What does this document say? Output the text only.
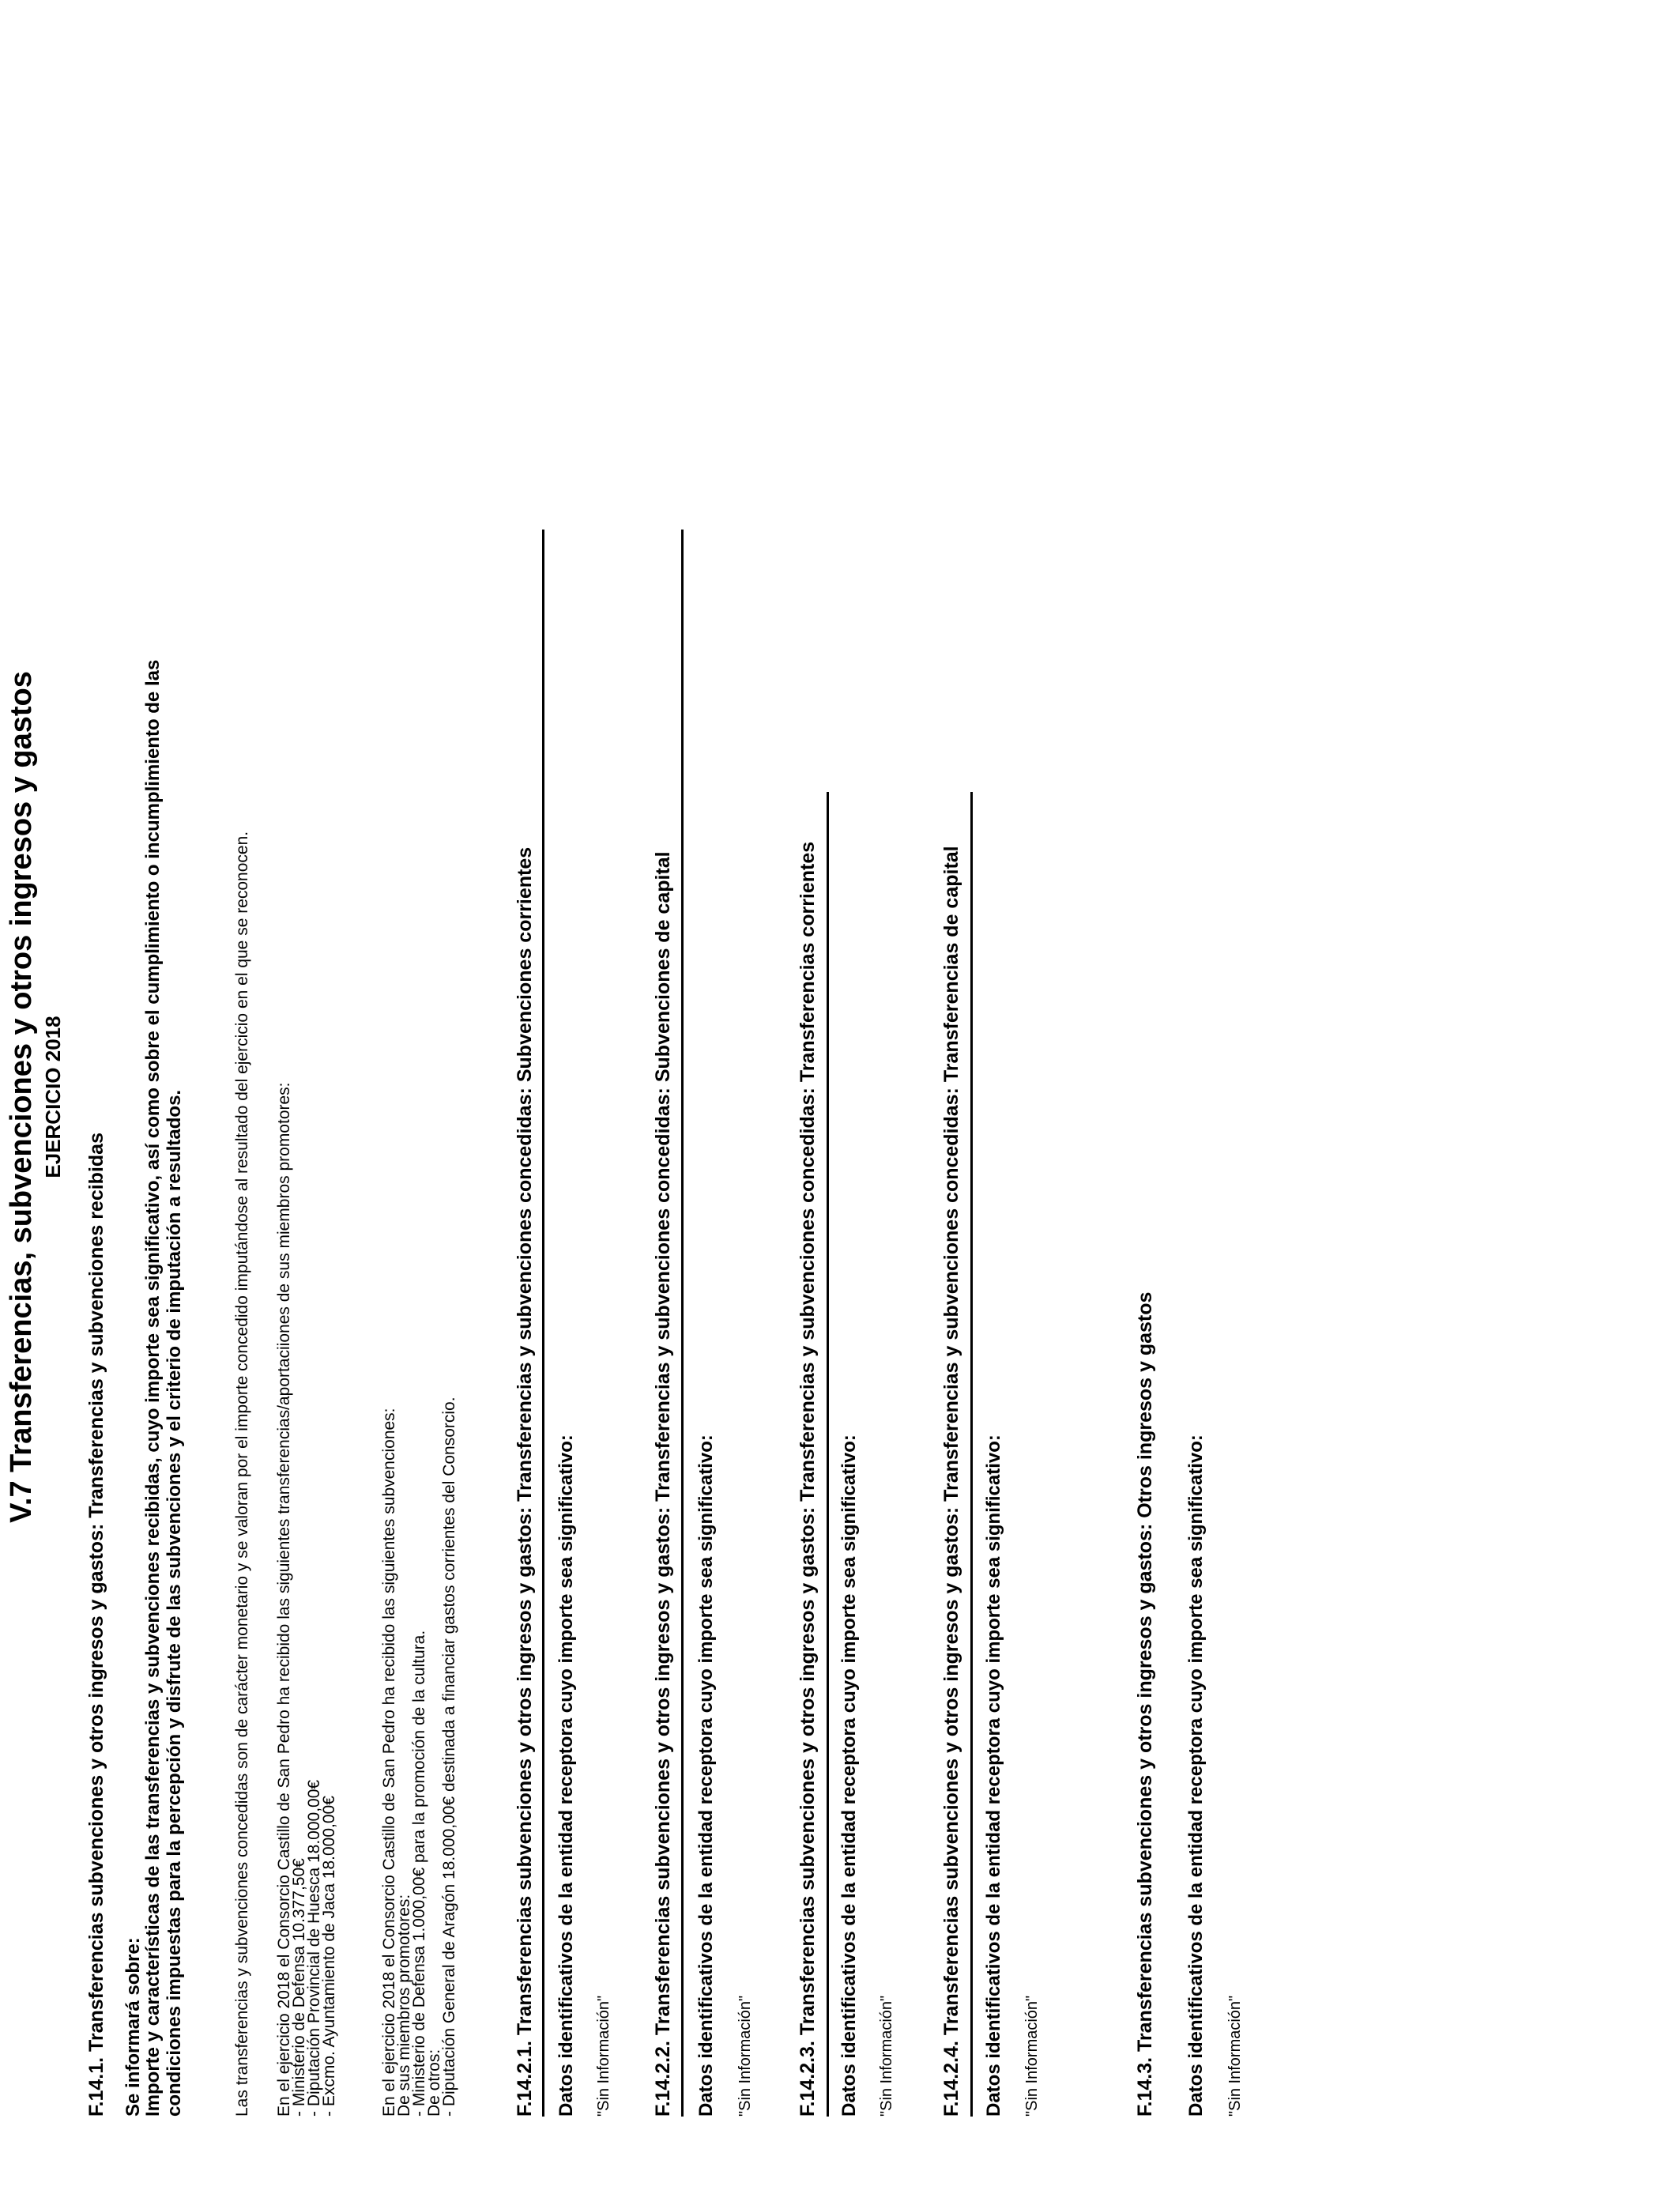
V.7 Transferencias, subvenciones y otros ingresos y gastos EJERCICIO 2018
F.14.1. Transferencias subvenciones y otros ingresos y gastos: Transferencias y subvenciones recibidas Se informará sobre:
Importe y características de las transferencias y subvenciones recibidas, cuyo importe sea significativo, así como sobre el cumplimiento o incumplimiento de las condiciones impuestas para la percepción y disfrute de las subvenciones y el criterio de imputación a resultados.	Las transferencias y subvenciones concedidas son de carácter monetario y se valoran por el importe concedido imputándose al resultado del ejercicio en el que se reconocen. En el ejercicio 2018 el Consorcio Castillo de San Pedro ha recibido las siguientes transferencias/aportaciiones de sus miembros promotores:
- Ministerio de Defensa 10.377,50€
- Diputación Provincial de Huesca 18.000,00€
- Excmo. Ayuntamiento de Jaca 18.000,00€	En el ejercicio 2018 el Consorcio Castillo de San Pedro ha recibido las siguientes subvenciones:
De sus miembros promotores:
- Ministerio de Defensa 1.000,00€ para la promoción de la cultura.
De otros:
- Diputación General de Aragón 18.000,00€ destinada a financiar gastos corrientes del Consorcio.	F.14.2.1. Transferencias subvenciones y otros ingresos y gastos: Transferencias y subvenciones concedidas: Subvenciones corrientes Datos identificativos de la entidad receptora cuyo importe sea significativo: "Sin Información" F.14.2.2. Transferencias subvenciones y otros ingresos y gastos: Transferencias y subvenciones concedidas: Subvenciones de capital Datos identificativos de la entidad receptora cuyo importe sea significativo: "Sin Información" F.14.2.3. Transferencias subvenciones y otros ingresos y gastos: Transferencias y subvenciones concedidas: Transferencias corrientes Datos identificativos de la entidad receptora cuyo importe sea significativo: "Sin Información" F.14.2.4. Transferencias subvenciones y otros ingresos y gastos: Transferencias y subvenciones concedidas: Transferencias de capital Datos identificativos de la entidad receptora cuyo importe sea significativo: "Sin Información"	F.14.3. Transferencias subvenciones y otros ingresos y gastos: Otros ingresos y gastos Datos identificativos de la entidad receptora cuyo importe sea significativo: "Sin Información"
